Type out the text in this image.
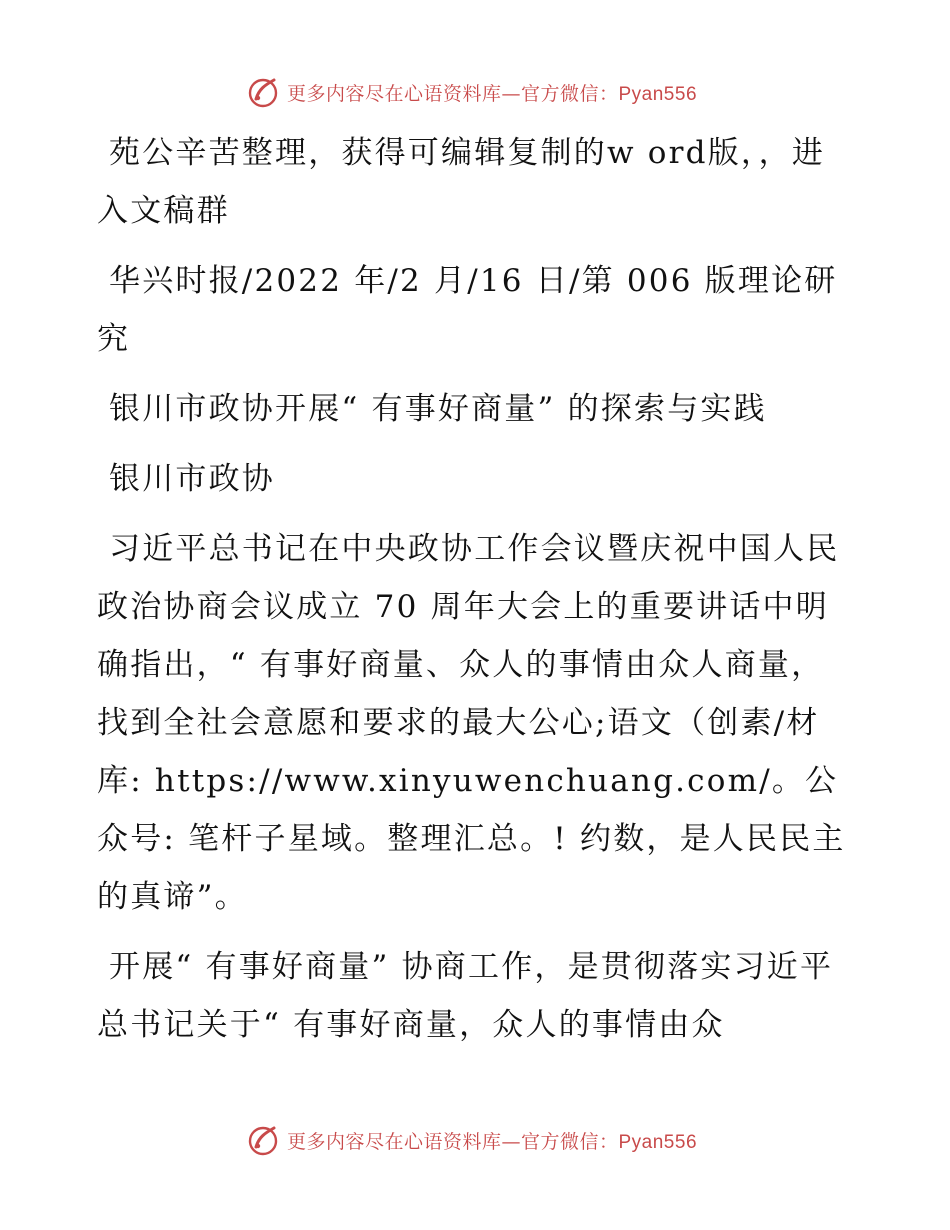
更多内容尽在心语资料库—官方微信：Pyan556

苑公辛苦整理，获得可编辑复制的w ord版，，进入文稿群

华兴时报/2022 年/2 月/16 日/第 006 版理论研究

银川市政协开展“ 有事好商量” 的探索与实践

银川市政协

习近平总书记在中央政协工作会议暨庆祝中国人民政治协商会议成立 70 周年大会上的重要讲话中明确指出，“ 有事好商量、众人的事情由众人商量，找到全社会意愿和要求的最大公心;语文（创素/材库: https://www.xinyuwenchuang.com/。公众号: 笔杆子星域。整理汇总。! 约数，是人民民主的真谛”。

开展“ 有事好商量” 协商工作，是贯彻落实习近平总书记关于“ 有事好商量，众人的事情由众

更多内容尽在心语资料库—官方微信：Pyan556
